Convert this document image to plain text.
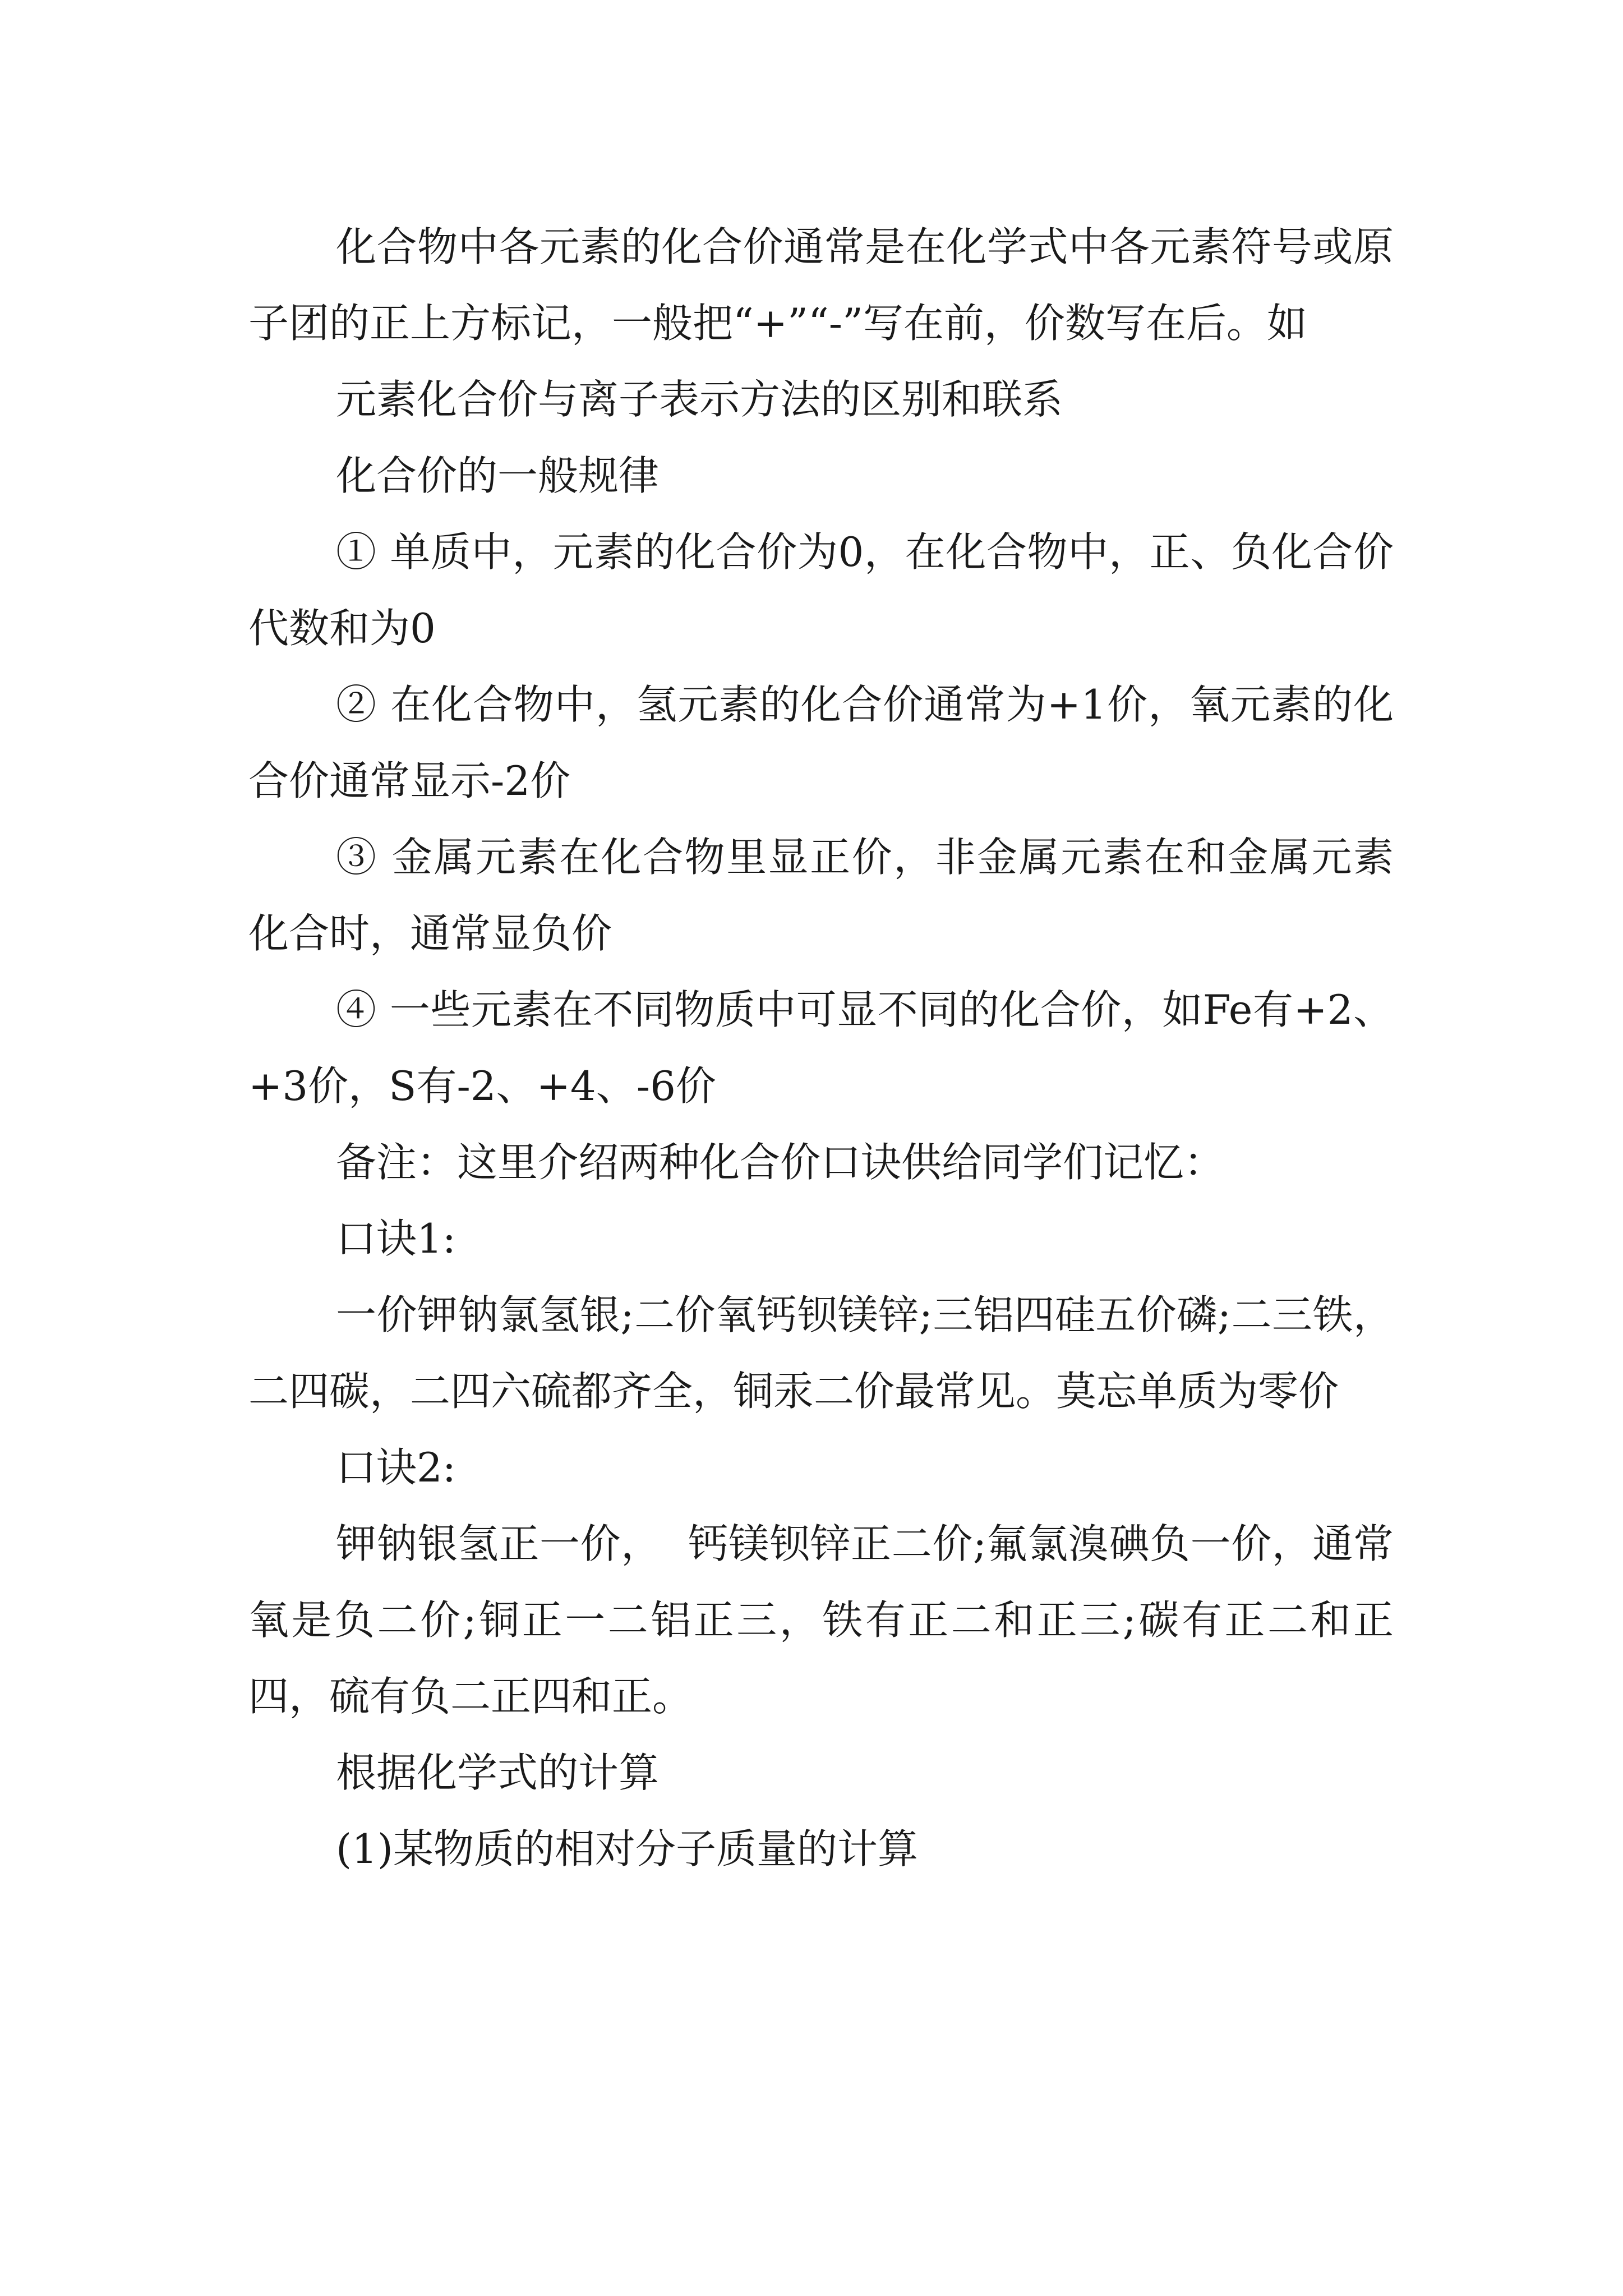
化合物中各元素的化合价通常是在化学式中各元素符号或原子团的正上方标记，一般把“+”“-”写在前，价数写在后。如

元素化合价与离子表示方法的区别和联系

化合价的一般规律

① 单质中，元素的化合价为0，在化合物中，正、负化合价代数和为0

② 在化合物中，氢元素的化合价通常为+1价，氧元素的化合价通常显示-2价

③ 金属元素在化合物里显正价，非金属元素在和金属元素化合时，通常显负价

④ 一些元素在不同物质中可显不同的化合价，如Fe有+2、+3价，S有-2、+4、-6价

备注：这里介绍两种化合价口诀供给同学们记忆：

口诀1:

一价钾钠氯氢银;二价氧钙钡镁锌;三铝四硅五价磷;二三铁，二四碳，二四六硫都齐全，铜汞二价最常见。莫忘单质为零价

口诀2:

钾钠银氢正一价，  钙镁钡锌正二价;氟氯溴碘负一价，通常氧是负二价;铜正一二铝正三，铁有正二和正三;碳有正二和正四，硫有负二正四和正。

根据化学式的计算

(1)某物质的相对分子质量的计算
